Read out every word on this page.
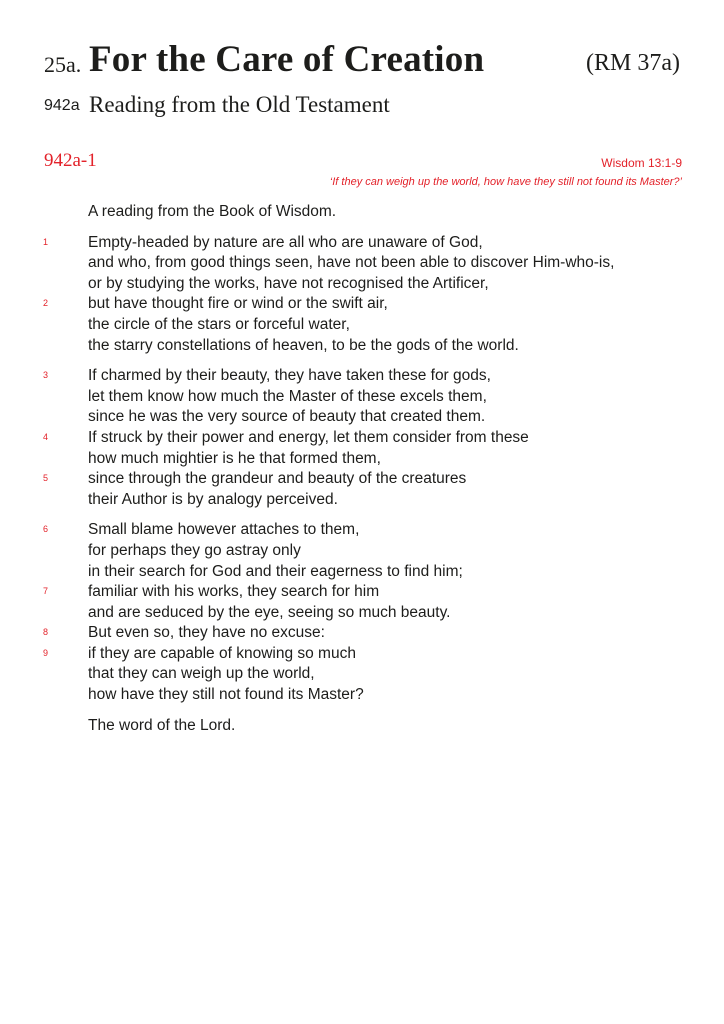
25a. For the Care of Creation	(RM 37a)
942a Reading from the Old Testament
942a-1	Wisdom 13:1-9
‘If they can weigh up the world, how have they still not found its Master?’
A reading from the Book of Wisdom.
1	Empty-headed by nature are all who are unaware of God,
and who, from good things seen, have not been able to discover Him-who-is,
or by studying the works, have not recognised the Artificer,
2	but have thought fire or wind or the swift air,
the circle of the stars or forceful water,
the starry constellations of heaven, to be the gods of the world.
3	If charmed by their beauty, they have taken these for gods,
let them know how much the Master of these excels them,
since he was the very source of beauty that created them.
4	If struck by their power and energy, let them consider from these
how much mightier is he that formed them,
5	since through the grandeur and beauty of the creatures
their Author is by analogy perceived.
6	Small blame however attaches to them,
for perhaps they go astray only
in their search for God and their eagerness to find him;
7	familiar with his works, they search for him
and are seduced by the eye, seeing so much beauty.
8	But even so, they have no excuse:
9	if they are capable of knowing so much
that they can weigh up the world,
how have they still not found its Master?
The word of the Lord.
